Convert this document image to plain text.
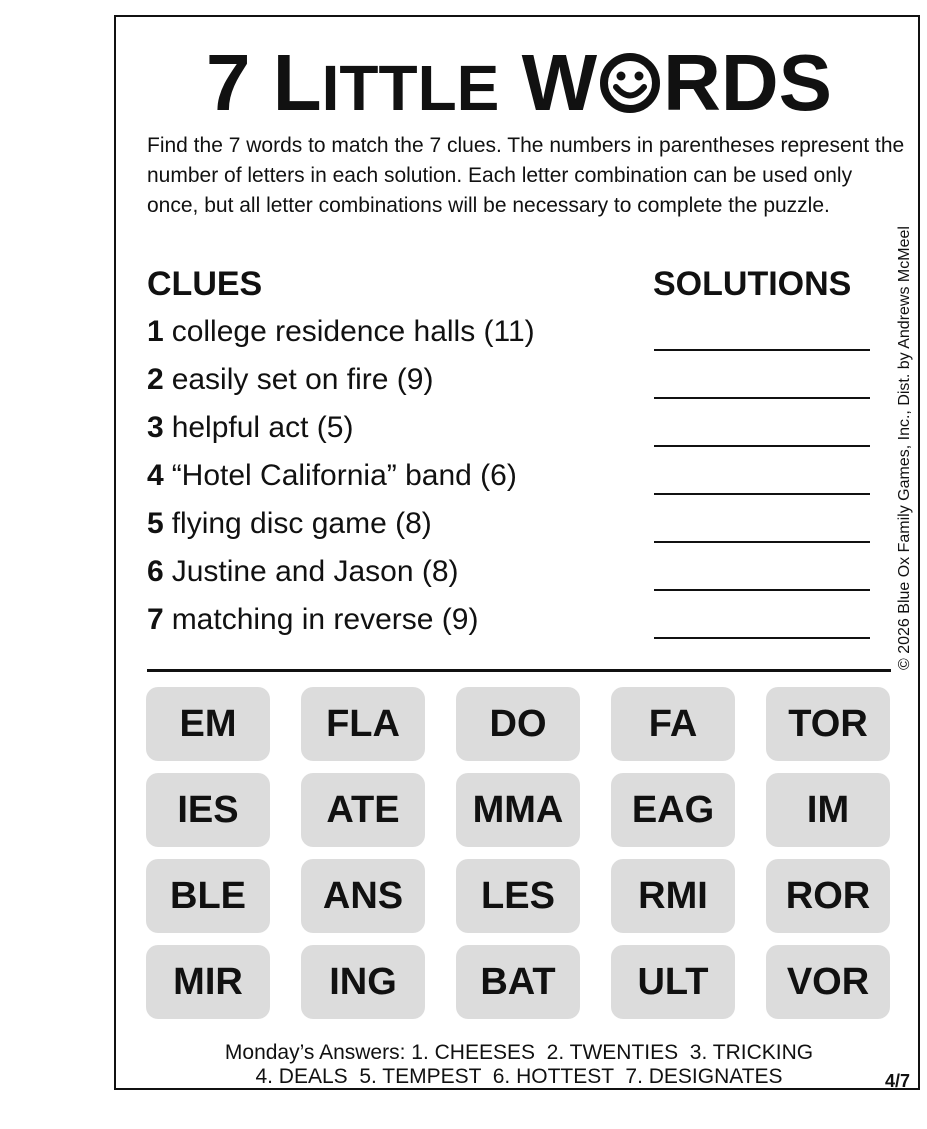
7 LITTLE W RDS
Find the 7 words to match the 7 clues. The numbers in parentheses represent the number of letters in each solution. Each letter combination can be used only once, but all letter combinations will be necessary to complete the puzzle.
© 2026 Blue Ox Family Games, Inc., Dist. by Andrews McMeel
CLUES	SOLUTIONS
1 college residence halls (11)
2 easily set on fire (9)
3 helpful act (5)
4 “Hotel California” band (6)
5 flying disc game (8)
6 Justine and Jason (8)
7 matching in reverse (9)
EM	FLA	DO	FA	TOR
IES	ATE	MMA	EAG	IM
BLE	ANS	LES	RMI	ROR
MIR	ING	BAT	ULT	VOR
Monday’s Answers: 1. CHEESES  2. TWENTIES  3. TRICKING
4. DEALS  5. TEMPEST  6. HOTTEST  7. DESIGNATES	4/7
